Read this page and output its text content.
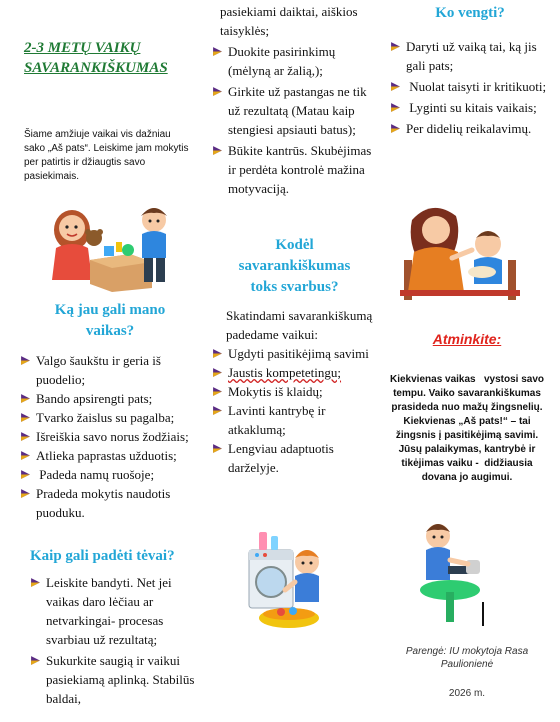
2-3 METŲ VAIKŲ SAVARANKIŠKUMAS

Šiame amžiuje vaikai vis dažniau sako „Aš pats“. Leiskime jam mokytis per patirtis ir džiaugtis savo pasiekimais.

Ką jau gali mano vaikas?
Valgo šaukštu ir geria iš puodelio;
Bando apsirengti pats;
Tvarko žaislus su pagalba;
Išreiškia savo norus žodžiais;
Atlieka paprastas užduotis;
Padeda namų ruošoje;
Pradeda mokytis naudotis puoduku.
Kaip gali padėti tėvai?
Leiskite bandyti. Net jei vaikas daro lėčiau ar netvarkingai- procesas svarbiau už rezultatą;
Sukurkite saugią ir vaikui pasiekiamą aplinką. Stabilūs baldai,

pasiekiami daiktai, aiškios taisyklės;

Duokite pasirinkimų (mėlyną ar žalią,);
Girkite už pastangas ne tik už rezultatą (Matau kaip stengiesi apsiauti batus);
Būkite kantrūs. Skubėjimas ir perdėta kontrolė mažina motyvaciją.
Kodėl savarankiškumas toks svarbus?

Skatindami savarankiškumą padedame vaikui:

Ugdyti pasitikėjimą savimi
Jaustis kompetetingu;
Mokytis iš klaidų;
Lavinti kantrybę ir atkaklumą;
Lengviau adaptuotis darželyje.
Ko vengti?
Daryti už vaiką tai, ką jis gali pats;
Nuolat taisyti ir kritikuoti;
Lyginti su kitais vaikais;
Per didelių reikalavimų.
Atminkite:

Kiekvienas vaikas   vystosi savo tempu. Vaiko savarankiškumas prasideda nuo mažų žingsnelių. Kiekvienas „Aš pats!“ – tai žingsnis į pasitikėjimą savimi. Jūsų palaikymas, kantrybė ir tikėjimas vaiku -  didžiausia dovana jo augimui.

Parengė: IU mokytoja Rasa Paulionienė

2026 m.
